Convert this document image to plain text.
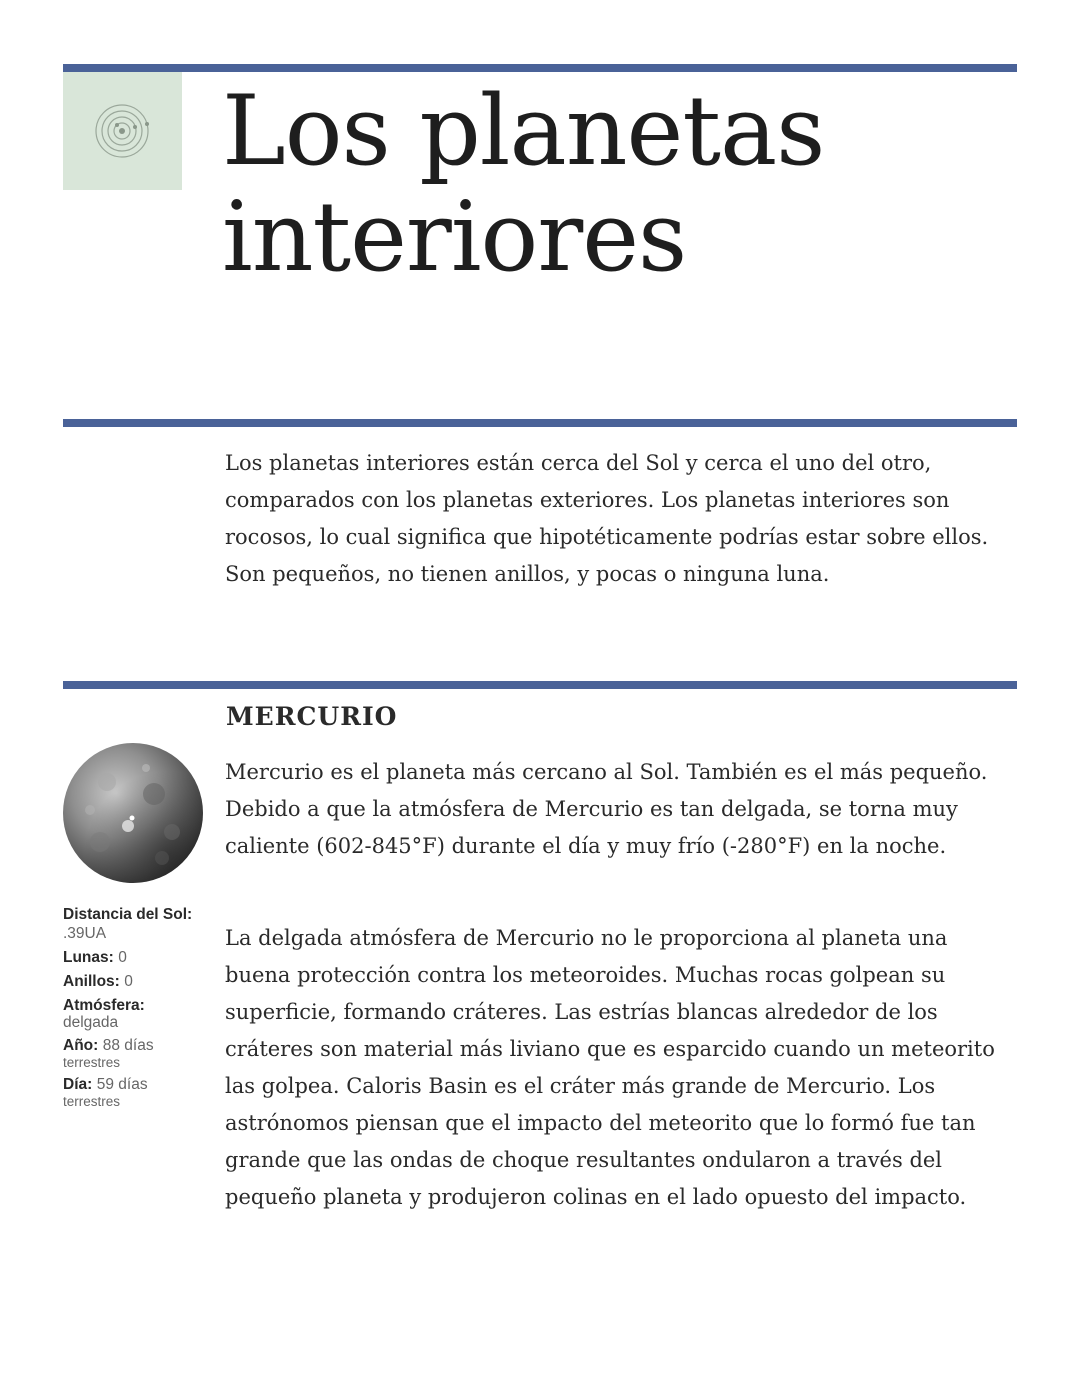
Los planetas
interiores

Los planetas interiores están cerca del Sol y cerca el uno del otro, comparados con los planetas exteriores. Los planetas interiores son rocosos, lo cual significa que hipotéticamente podrías estar sobre ellos. Son pequeños, no tienen anillos, y pocas o ninguna luna.

MERCURIO
Distancia del Sol:
.39UA
Lunas: 0
Anillos: 0
Atmósfera:
delgada
Año: 88 días
terrestres
Día: 59 días
terrestres

Mercurio es el planeta más cercano al Sol. También es el más pequeño. Debido a que la atmósfera de Mercurio es tan delgada, se torna muy caliente (602-845°F) durante el día y muy frío (-280°F) en la noche.

La delgada atmósfera de Mercurio no le proporciona al planeta una buena protección contra los meteoroides. Muchas rocas golpean su superficie, formando cráteres. Las estrías blancas alrededor de los cráteres son material más liviano que es esparcido cuando un meteorito las golpea. Caloris Basin es el cráter más grande de Mercurio. Los astrónomos piensan que el impacto del meteorito que lo formó fue tan grande que las ondas de choque resultantes ondularon a través del pequeño planeta y produjeron colinas en el lado opuesto del impacto.
